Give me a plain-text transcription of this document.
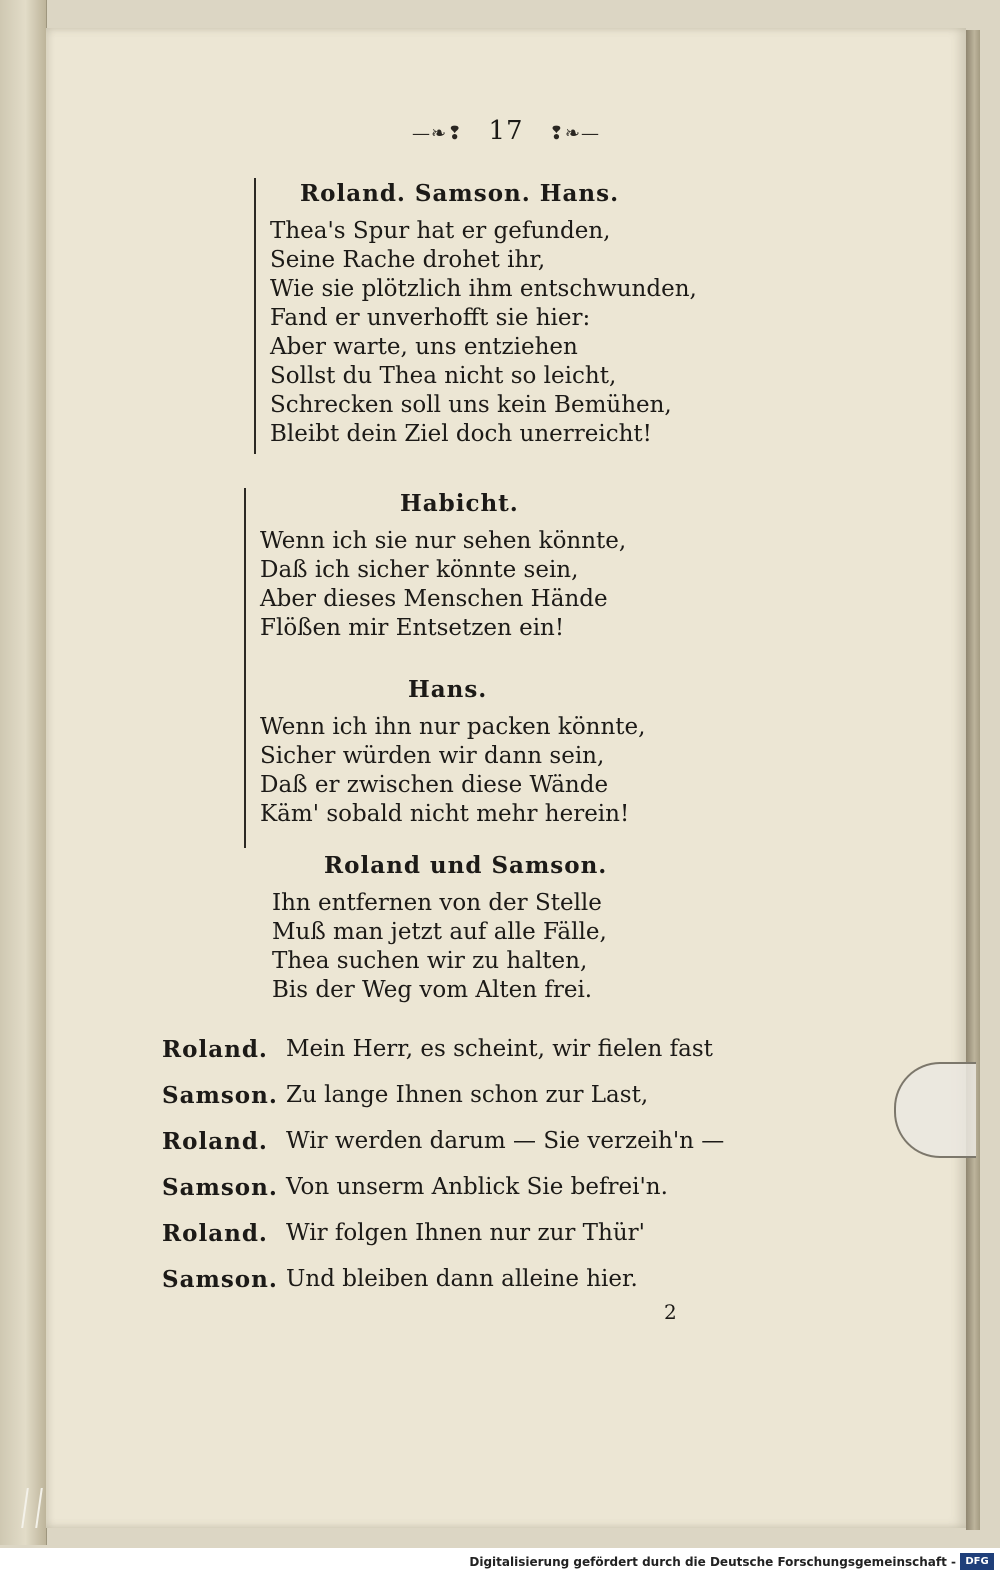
—❧❢ 17 ❢❧—
Roland. Samson. Hans.
Thea's Spur hat er gefunden,
Seine Rache drohet ihr,
Wie sie plötzlich ihm entschwunden,
Fand er unverhofft sie hier:
Aber warte, uns entziehen
Sollst du Thea nicht so leicht,
Schrecken soll uns kein Bemühen,
Bleibt dein Ziel doch unerreicht!
Habicht.
Wenn ich sie nur sehen könnte,
Daß ich sicher könnte sein,
Aber dieses Menschen Hände
Flößen mir Entsetzen ein!
Hans.
Wenn ich ihn nur packen könnte,
Sicher würden wir dann sein,
Daß er zwischen diese Wände
Käm' sobald nicht mehr herein!
Roland und Samson.
Ihn entfernen von der Stelle
Muß man jetzt auf alle Fälle,
Thea suchen wir zu halten,
Bis der Weg vom Alten frei.
Roland. Mein Herr, es scheint, wir fielen fast
Samson. Zu lange Ihnen schon zur Last,
Roland. Wir werden darum — Sie verzeih'n —
Samson. Von unserm Anblick Sie befrei'n.
Roland. Wir folgen Ihnen nur zur Thür'
Samson. Und bleiben dann alleine hier.
2
Digitalisierung gefördert durch die Deutsche Forschungsgemeinschaft - DFG
